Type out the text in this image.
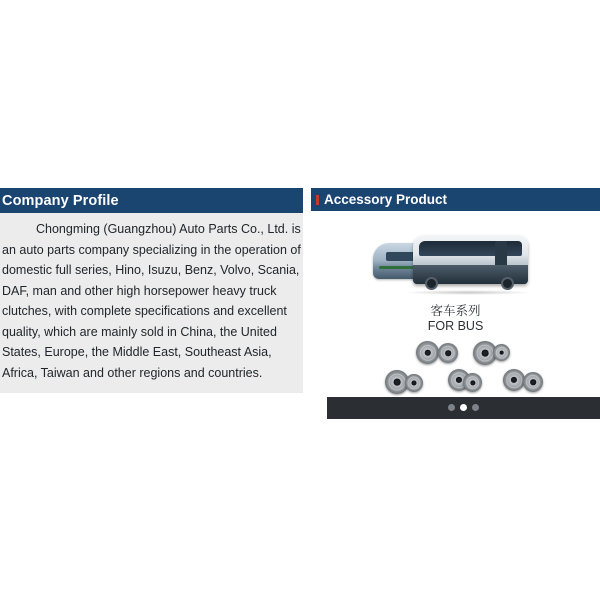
Company Profile

Chongming (Guangzhou) Auto Parts Co., Ltd. is an auto parts company specializing in the operation of domestic full series, Hino, Isuzu, Benz, Volvo, Scania, DAF, man and other high horsepower heavy truck clutches, with complete specifications and excellent quality, which are mainly sold in China, the United States, Europe, the Middle East, Southeast Asia, Africa, Taiwan and other regions and countries.

Accessory Product
客车系列
FOR BUS
